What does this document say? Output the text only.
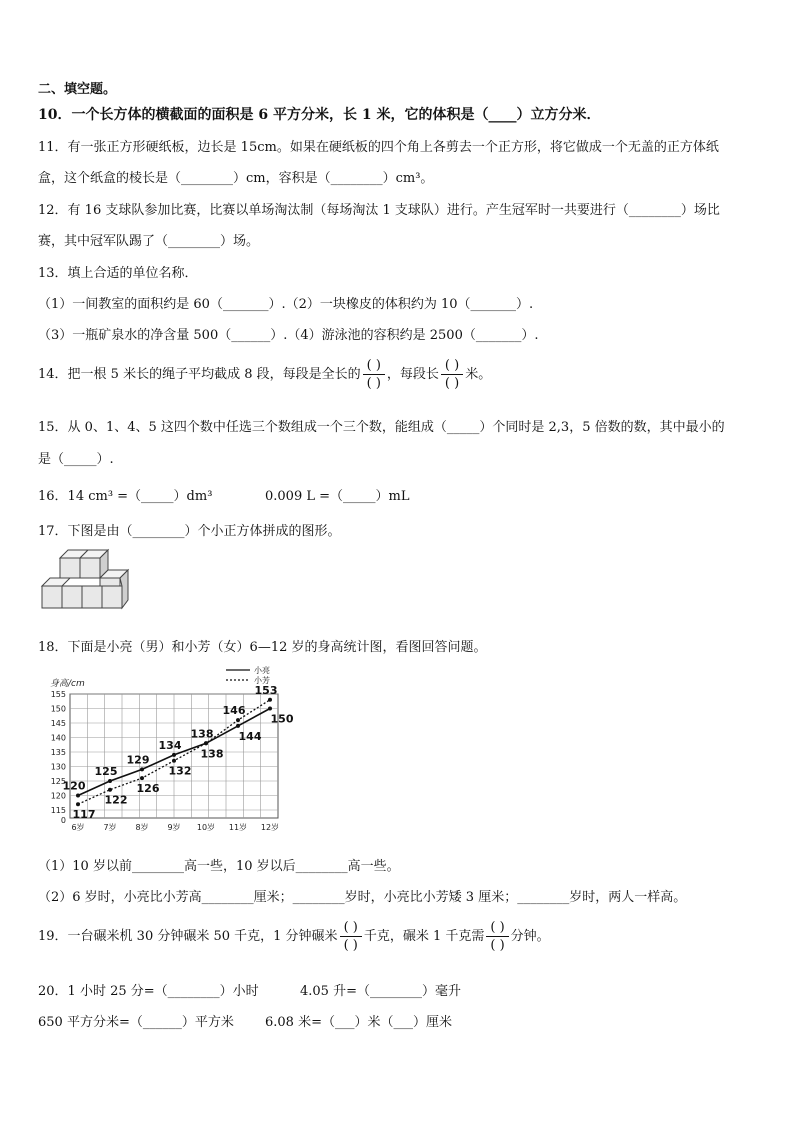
二、填空题。
10．一个长方体的横截面的面积是 6 平方分米，长 1 米，它的体积是（____）立方分米．
11．有一张正方形硬纸板，边长是 15cm。如果在硬纸板的四个角上各剪去一个正方形，将它做成一个无盖的正方体纸
盒，这个纸盒的棱长是（________）cm，容积是（________）cm³。
12．有 16 支球队参加比赛，比赛以单场淘汰制（每场淘汰 1 支球队）进行。产生冠军时一共要进行（________）场比
赛，其中冠军队踢了（________）场。
13．填上合适的单位名称．
（1）一间教室的面积约是 60（_______）.（2）一块橡皮的体积约为 10（_______）.
（3）一瓶矿泉水的净含量 500（______）.（4）游泳池的容积约是 2500（_______）.
14．把一根 5 米长的绳子平均截成 8 段，每段是全长的 $\frac{( )}{( )}$ ，每段长 $\frac{( )}{( )}$ 米。
15．从 0、1、4、5 这四个数中任选三个数组成一个三个数，能组成（_____）个同时是 2,3，5 倍数的数，其中最小的
是（_____）.
16．14 cm³ =（_____）dm³	0.009 L =（_____）mL
17．下图是由（________）个小正方体拼成的图形。
18．下面是小亮（男）和小芳（女）6—12 岁的身高统计图，看图回答问题。
0
115
120
125
130
135
140
145
150
155
6岁 7岁 8岁 9岁 10岁 11岁 12岁
120
125
129
134
138 144
150
117
122
126
132
138
146
153
身高/cm
小亮
小芳
（1）10 岁以前________高一些，10 岁以后________高一些。
（2）6 岁时，小亮比小芳高________厘米；________岁时，小亮比小芳矮 3 厘米；________岁时，两人一样高。
19．一台碾米机 30 分钟碾米 50 千克，1 分钟碾米 $\frac{( )}{( )}$ 千克，碾米 1 千克需 $\frac{( )}{( )}$ 分钟。
20．1 小时 25 分=（________）小时	4.05 升=（________）毫升
650 平方分米=（______）平方米 6.08 米=（___）米（___）厘米
